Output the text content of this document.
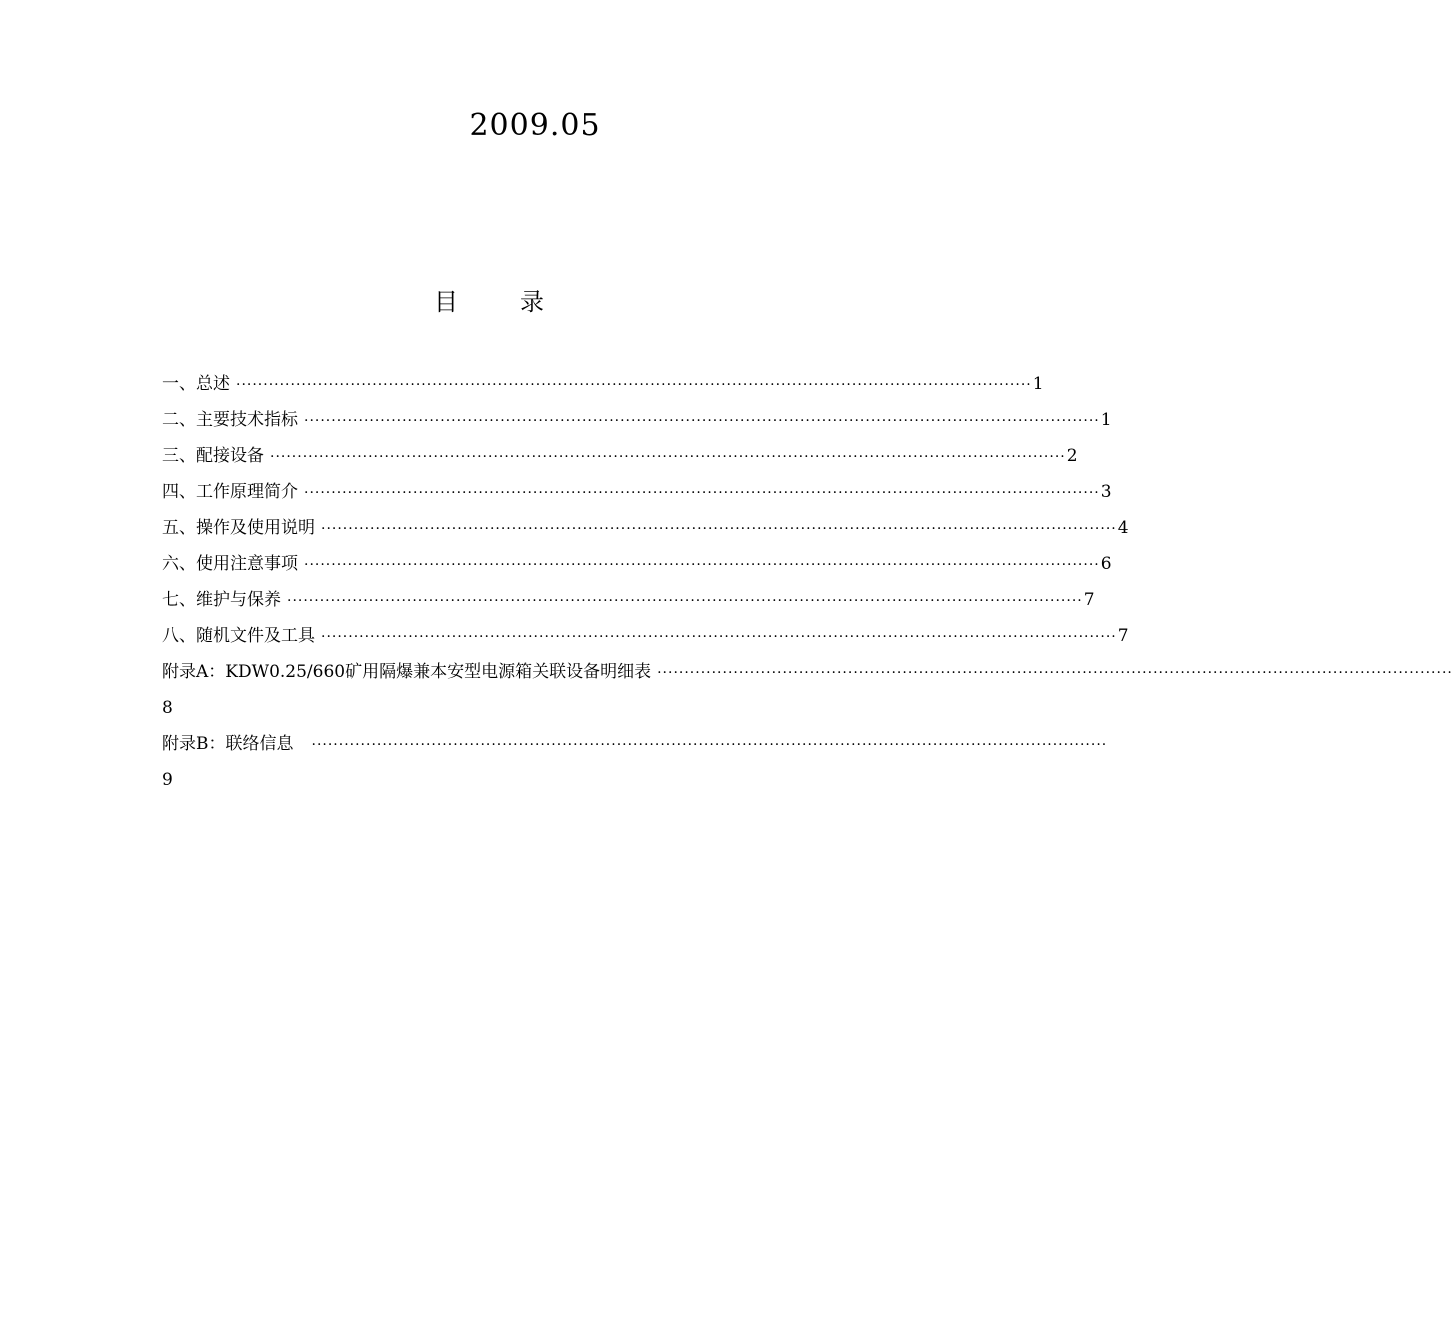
2009.05
目	录
一 、总述 ·················································································································································· 1
二 、主要技术指标 ·················································································································································· 1
三 、配接设备 ·················································································································································· 2
四 、工作原理简介 ·················································································································································· 3
五 、操作及使用说明 ·················································································································································· 4
六 、使用注意事项 ·················································································································································· 6
七 、维护与保养 ·················································································································································· 7
八 、随机文件及工具 ·················································································································································· 7
附录A：KDW0.25/660矿用隔爆兼本安型电源箱关联设备明细表 ··················································································································································
8
附录B：联络信息	··················································································································································
9
